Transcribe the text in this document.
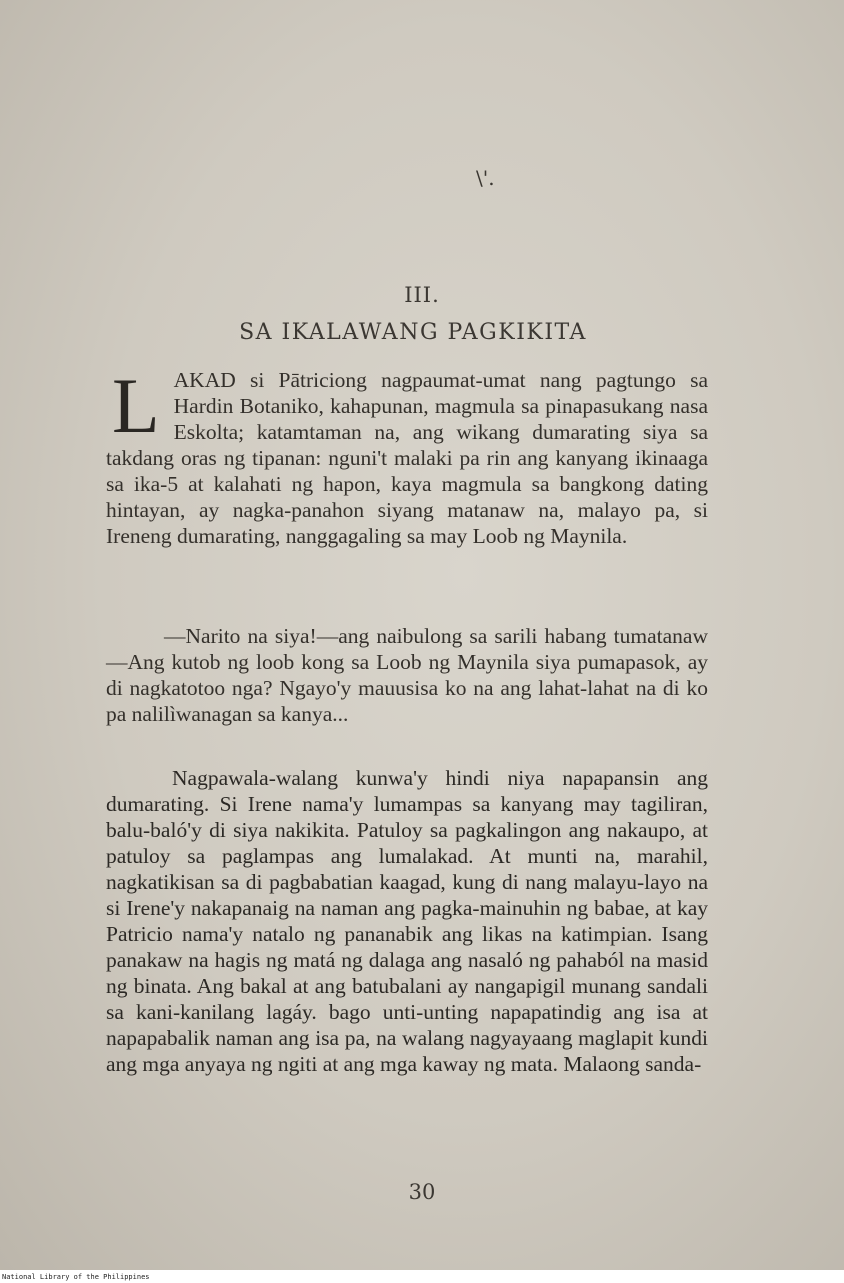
\'.
III.
SA IKALAWANG PAGKIKITA
L AKAD si Pātriciong nagpaumat-umat nang pagtungo sa Hardin Botaniko, kahapunan, magmula sa pinapasukang nasa Eskolta; katamtaman na, ang wikang dumarating siya sa takdang oras ng tipanan: nguni't malaki pa rin ang kanyang ikinaaga sa ika-5 at kalahati ng hapon, kaya magmula sa bangkong dating hintayan, ay nagka-panahon siyang matanaw na, malayo pa, si Ireneng dumarating, nanggagaling sa may Loob ng Maynila.
—Narito na siya!—ang naibulong sa sarili habang tumatanaw—Ang kutob ng loob kong sa Loob ng Maynila siya pumapasok, ay di nagkatotoo nga? Ngayo'y mauusisa ko na ang lahat-lahat na di ko pa nalilìwanagan sa kanya...
Nagpawala-walang kunwa'y hindi niya napapansin ang dumarating. Si Irene nama'y lumampas sa kanyang may tagiliran, balu-baló'y di siya nakikita. Patuloy sa pagkalingon ang nakaupo, at patuloy sa paglampas ang lumalakad. At munti na, marahil, nagkatikisan sa di pagbabatian kaagad, kung di nang malayu-layo na si Irene'y nakapanaig na naman ang pagka-mainuhin ng babae, at kay Patricio nama'y natalo ng pananabik ang likas na katimpian. Isang panakaw na hagis ng matá ng dalaga ang nasaló ng pahaból na masid ng binata. Ang bakal at ang batubalani ay nangapigil munang sandali sa kani-kanilang lagáy. bago unti-unting napapatindig ang isa at napapabalik naman ang isa pa, na walang nagyayaang maglapit kundi ang mga anyaya ng ngiti at ang mga kaway ng mata. Malaong sanda-
30
National Library of the Philippines
